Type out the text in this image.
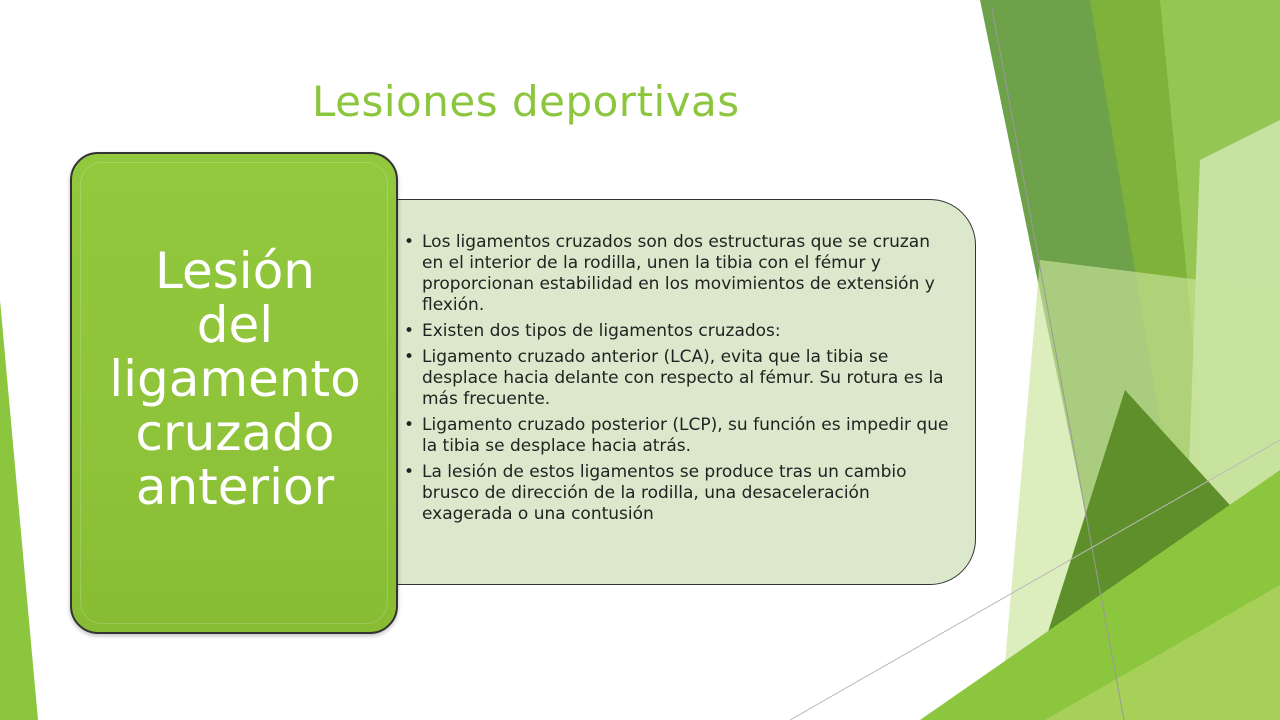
Lesiones deportivas
• Los ligamentos cruzados son dos estructuras que se cruzan en el interior de la rodilla, unen la tibia con el fémur y proporcionan estabilidad en los movimientos de extensión y flexión.
• Existen dos tipos de ligamentos cruzados:
• Ligamento cruzado anterior (LCA), evita que la tibia se desplace hacia delante con respecto al fémur. Su rotura es la más frecuente.
• Ligamento cruzado posterior (LCP), su función es impedir que la tibia se desplace hacia atrás.
• La lesión de estos ligamentos se produce tras un cambio brusco de dirección de la rodilla, una desaceleración exagerada o una contusión
Lesión
del
ligamento
cruzado
anterior
